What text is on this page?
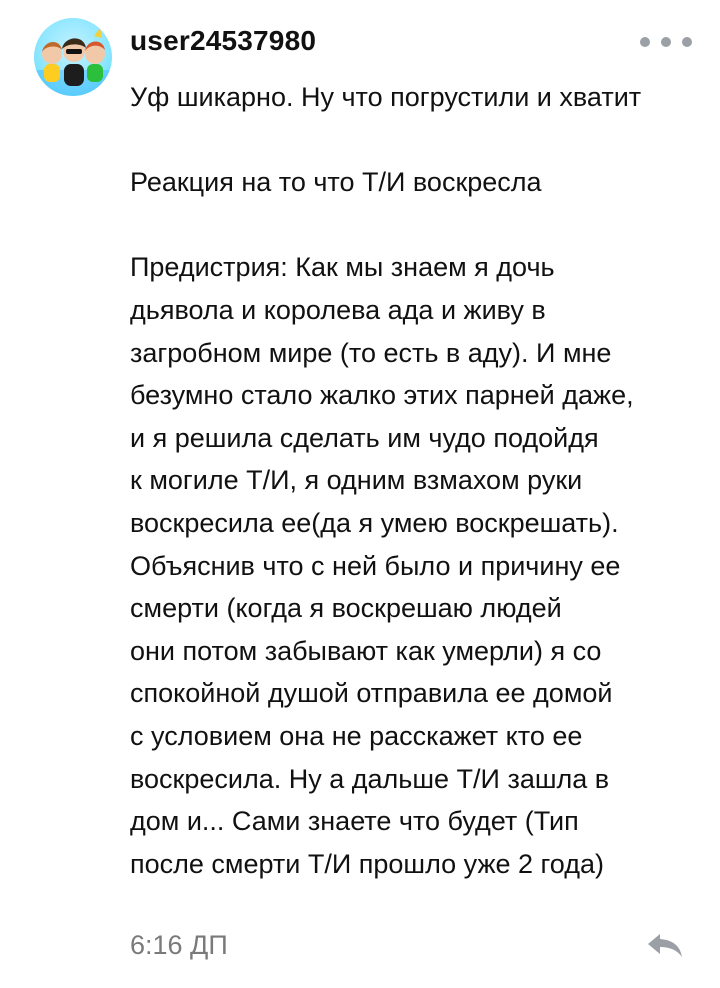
user24537980

Уф шикарно. Ну что погрустили и хватит

Реакция на то что Т/И воскресла

Предистрия: Как мы знаем я дочь
дьявола и королева ада и живу в
загробном мире (то есть в аду). И мне
безумно стало жалко этих парней даже,
и я решила сделать им чудо подойдя
к могиле Т/И, я одним взмахом руки
воскресила ее(да я умею воскрешать).
Объяснив что с ней было и причину ее
смерти (когда я воскрешаю людей
они потом забывают как умерли) я со
спокойной душой отправила ее домой
с условием она не расскажет кто ее
воскресила. Ну а дальше Т/И зашла в
дом и... Сами знаете что будет (Тип
после смерти Т/И прошло уже 2 года)

6:16 ДП
